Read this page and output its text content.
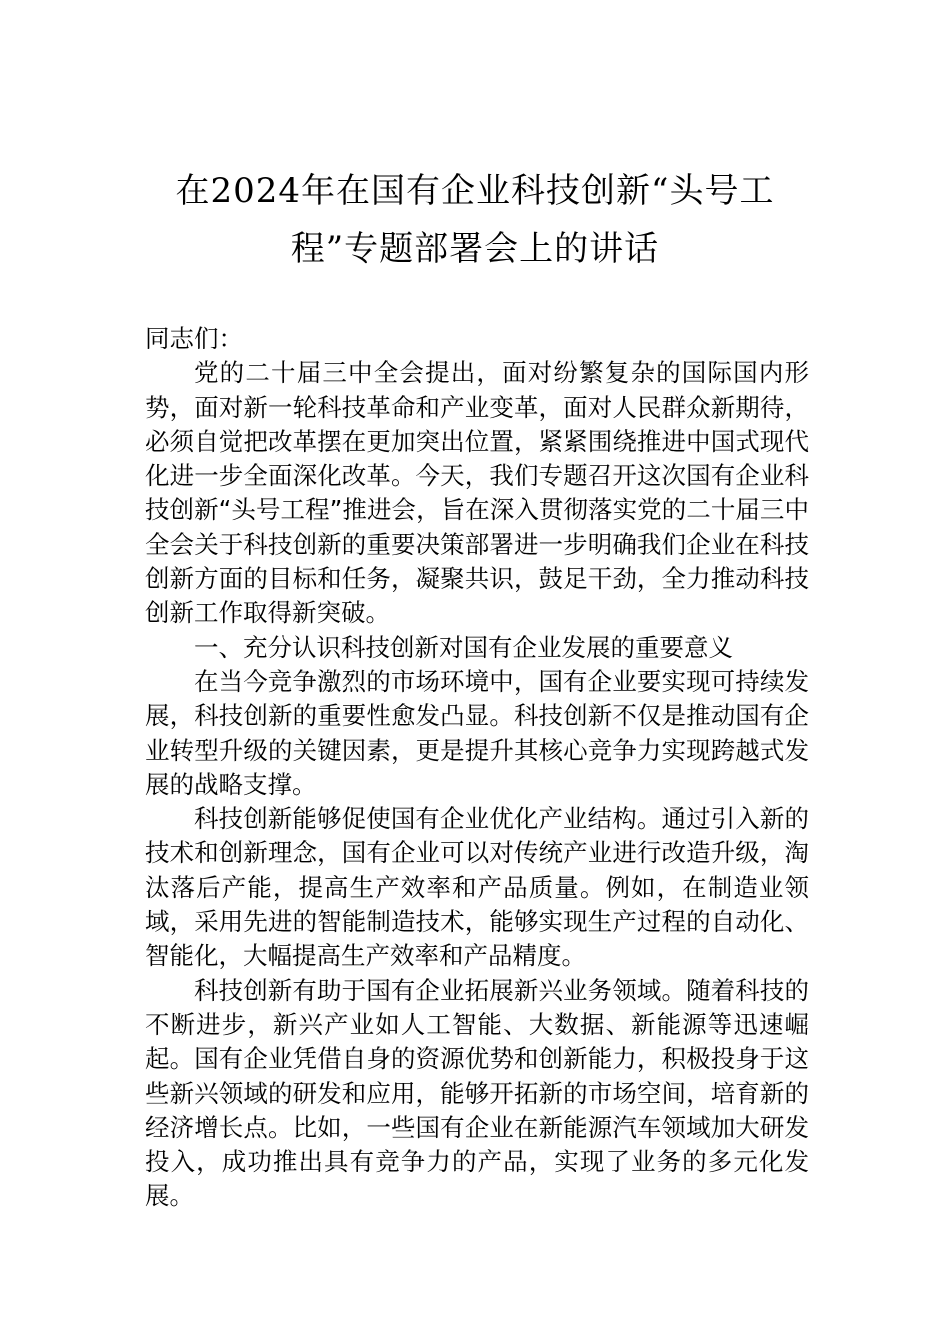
在2024年在国有企业科技创新“头号工程”专题部署会上的讲话

同志们：

党的二十届三中全会提出，面对纷繁复杂的国际国内形势，面对新一轮科技革命和产业变革，面对人民群众新期待，必须自觉把改革摆在更加突出位置，紧紧围绕推进中国式现代化进一步全面深化改革。今天，我们专题召开这次国有企业科技创新“头号工程”推进会，旨在深入贯彻落实党的二十届三中全会关于科技创新的重要决策部署进一步明确我们企业在科技创新方面的目标和任务，凝聚共识，鼓足干劲，全力推动科技创新工作取得新突破。

一、充分认识科技创新对国有企业发展的重要意义

在当今竞争激烈的市场环境中，国有企业要实现可持续发展，科技创新的重要性愈发凸显。科技创新不仅是推动国有企业转型升级的关键因素，更是提升其核心竞争力实现跨越式发展的战略支撑。

科技创新能够促使国有企业优化产业结构。通过引入新的技术和创新理念，国有企业可以对传统产业进行改造升级，淘汰落后产能，提高生产效率和产品质量。例如，在制造业领域，采用先进的智能制造技术，能够实现生产过程的自动化、智能化，大幅提高生产效率和产品精度。

科技创新有助于国有企业拓展新兴业务领域。随着科技的不断进步，新兴产业如人工智能、大数据、新能源等迅速崛起。国有企业凭借自身的资源优势和创新能力，积极投身于这些新兴领域的研发和应用，能够开拓新的市场空间，培育新的经济增长点。比如，一些国有企业在新能源汽车领域加大研发投入，成功推出具有竞争力的产品，实现了业务的多元化发展。
